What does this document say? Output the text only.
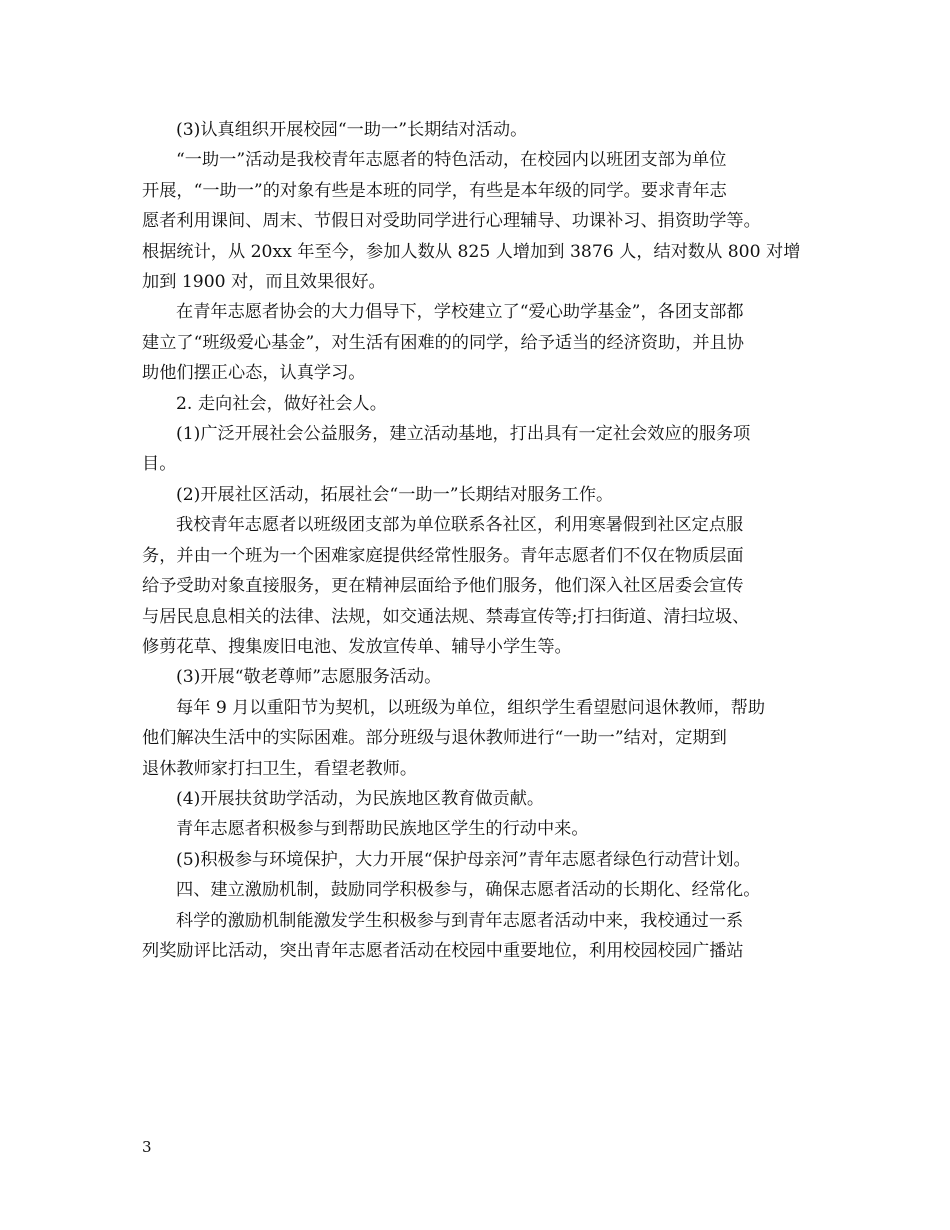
(3)认真组织开展校园“一助一”长期结对活动。

“一助一”活动是我校青年志愿者的特色活动，在校园内以班团支部为单位

开展，“一助一”的对象有些是本班的同学，有些是本年级的同学。要求青年志

愿者利用课间、周末、节假日对受助同学进行心理辅导、功课补习、捐资助学等。

根据统计，从 20xx 年至今，参加人数从 825 人增加到 3876 人，结对数从 800 对增

加到 1900 对，而且效果很好。

在青年志愿者协会的大力倡导下，学校建立了“爱心助学基金”，各团支部都

建立了“班级爱心基金”，对生活有困难的的同学，给予适当的经济资助，并且协

助他们摆正心态，认真学习。

2. 走向社会，做好社会人。

(1)广泛开展社会公益服务，建立活动基地，打出具有一定社会效应的服务项

目。

(2)开展社区活动，拓展社会“一助一”长期结对服务工作。

我校青年志愿者以班级团支部为单位联系各社区，利用寒暑假到社区定点服

务，并由一个班为一个困难家庭提供经常性服务。青年志愿者们不仅在物质层面

给予受助对象直接服务，更在精神层面给予他们服务，他们深入社区居委会宣传

与居民息息相关的法律、法规，如交通法规、禁毒宣传等;打扫街道、清扫垃圾、

修剪花草、搜集废旧电池、发放宣传单、辅导小学生等。

(3)开展“敬老尊师”志愿服务活动。

每年 9 月以重阳节为契机，以班级为单位，组织学生看望慰问退休教师，帮助

他们解决生活中的实际困难。部分班级与退休教师进行“一助一”结对，定期到

退休教师家打扫卫生，看望老教师。

(4)开展扶贫助学活动，为民族地区教育做贡献。

青年志愿者积极参与到帮助民族地区学生的行动中来。

(5)积极参与环境保护，大力开展“保护母亲河”青年志愿者绿色行动营计划。

四、建立激励机制，鼓励同学积极参与，确保志愿者活动的长期化、经常化。

科学的激励机制能激发学生积极参与到青年志愿者活动中来，我校通过一系

列奖励评比活动，突出青年志愿者活动在校园中重要地位，利用校园校园广播站

3
